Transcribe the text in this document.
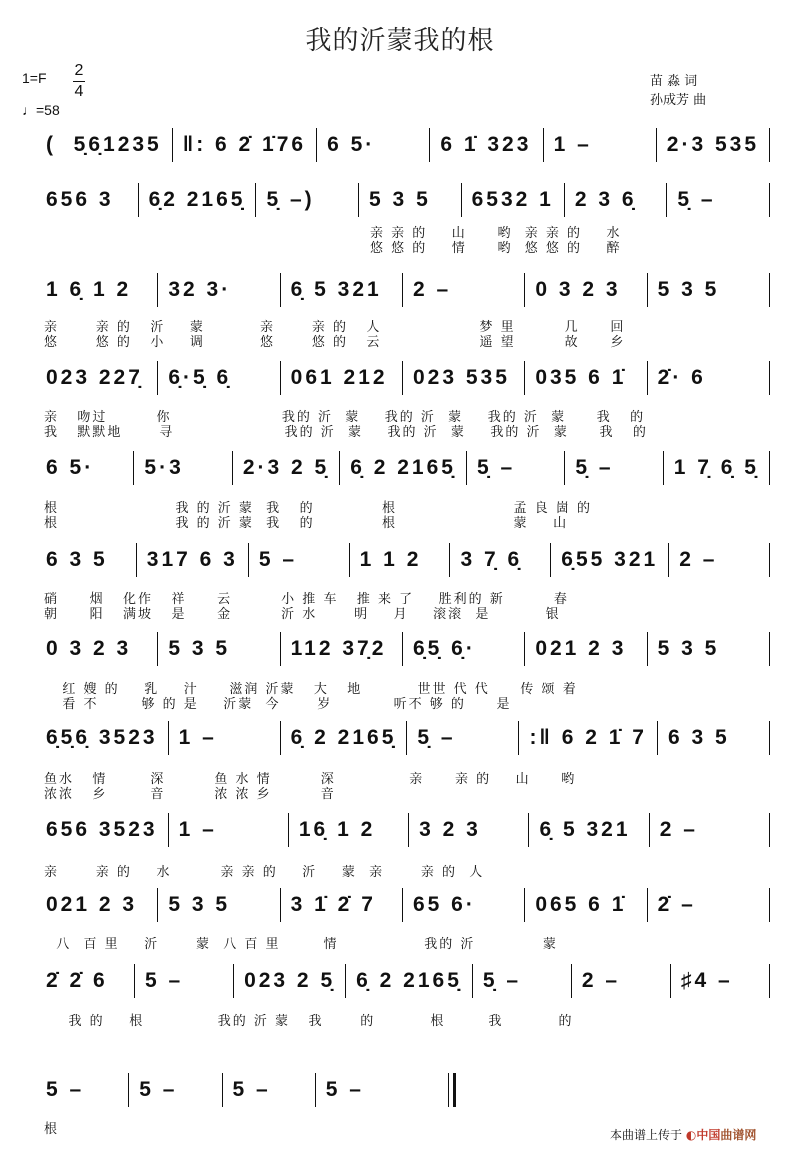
我的沂蒙我的根
1=F 2
4
♩=58
苗 淼 词
孙成芳 曲
(  5̣6̣1235	‖: 6 2̇ 1̇76	6 5·	6 1̇ 323	1 –	2·3 535
656 3	6̣2 2165̣̣	5̣ –)	5 3 5	6532 1	2 3 6̣	5̣ –
1 6̣ 1 2	32 3·	6̣ 5 321	2 –	0 3 2 3	5 3 5
023 227̣	6̣·5̣ 6̣	061 212	023 535	035 6 1̇	2̇· 6
6 5·	5·3	2·3 2 5̣	6̣ 2 2165̣̣	5̣ –	5̣ –	1 7̣ 6̣ 5̣
6 3 5	317 6 3	5 –	1 1 2	3 7̣ 6̣	6̣55 321	2 –
0 3 2 3	5 3 5	112 37̣2	6̣5̣ 6̣·	021 2 3	5 3 5
6̣5̣6̣ 3523	1 –	6̣ 2 2165̣̣	5̣ –	:‖ 6 2 1̇ 7	6 3 5
656 3523	1 –	16̣ 1 2	3 2 3	6̣ 5 321	2 –
021 2 3	5 3 5	3 1̇ 2̇ 7	65 6·	065 6 1̇	2̇ –
2̇ 2̇ 6	5 –	023 2 5̣	6̣ 2 2165̣̣	5̣ –	2 –	♯4 –
5 –	5 –	5 –	5 –
亲 亲 的    山     哟  亲 亲 的    水
悠 悠 的    情     哟  悠 悠 的    醉
亲      亲 的   沂    蒙         亲      亲 的   人                梦 里        几     回
悠      悠 的   小    调         悠      悠 的   云                遥 望        故     乡
亲   吻过        你                  我的 沂  蒙    我的 沂  蒙    我的 沂  蒙     我   的
我   默默地      寻                  我的 沂  蒙    我的 沂  蒙    我的 沂  蒙     我   的
根                   我 的 沂 蒙  我   的           根                   孟 良 崮 的
根                   我 的 沂 蒙  我   的           根                   蒙    山
硝     烟   化作   祥     云        小 推 车   推 来 了    胜利的 新        春
朝     阳   满坡   是     金        沂 水      明    月    滚滚  是         银
红 嫂 的    乳    汁     滋润 沂蒙   大   地         世世 代 代     传 颂 着
看 不       够 的 是    沂蒙  今      岁          听不 够 的     是
鱼水   情       深        鱼 水 情        深            亲     亲 的    山     哟
浓浓   乡       音        浓 浓 乡        音
亲      亲 的    水        亲 亲 的    沂    蒙  亲      亲 的  人
八  百 里    沂      蒙  八 百 里       情              我的 沂           蒙
我 的    根            我的 沂 蒙   我      的         根       我         的
根	本曲谱上传于 ◐中国曲谱网
